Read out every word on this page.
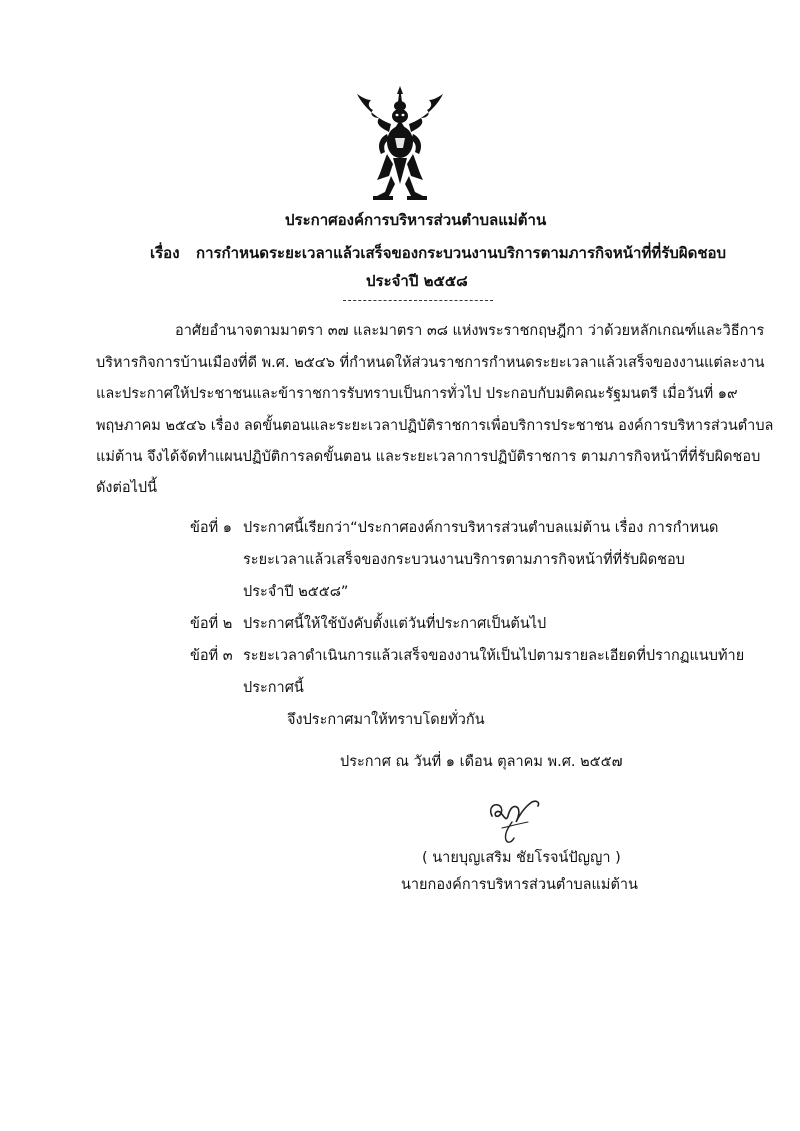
ประกาศองค์การบริหารส่วนตำบลแม่ต้าน
เรื่อง การกำหนดระยะเวลาแล้วเสร็จของกระบวนงานบริการตามภารกิจหน้าที่ที่รับผิดชอบ
ประจำปี ๒๕๕๘
อาศัยอำนาจตามมาตรา ๓๗ และมาตรา ๓๘ แห่งพระราชกฤษฎีกา ว่าด้วยหลักเกณฑ์และวิธีการ
บริหารกิจการบ้านเมืองที่ดี พ.ศ. ๒๕๔๖ ที่กำหนดให้ส่วนราชการกำหนดระยะเวลาแล้วเสร็จของงานแต่ละงาน
และประกาศให้ประชาชนและข้าราชการรับทราบเป็นการทั่วไป ประกอบกับมติคณะรัฐมนตรี เมื่อวันที่ ๑๙
พฤษภาคม ๒๕๔๖ เรื่อง ลดขั้นตอนและระยะเวลาปฏิบัติราชการเพื่อบริการประชาชน องค์การบริหารส่วนตำบล
แม่ต้าน จึงได้จัดทำแผนปฏิบัติการลดขั้นตอน และระยะเวลาการปฏิบัติราชการ ตามภารกิจหน้าที่ที่รับผิดชอบ
ดังต่อไปนี้
ข้อที่ ๑ ประกาศนี้เรียกว่า“ประกาศองค์การบริหารส่วนตำบลแม่ต้าน เรื่อง การกำหนด
ระยะเวลาแล้วเสร็จของกระบวนงานบริการตามภารกิจหน้าที่ที่รับผิดชอบ
ประจำปี ๒๕๕๘”
ข้อที่ ๒ ประกาศนี้ให้ใช้บังคับตั้งแต่วันที่ประกาศเป็นต้นไป
ข้อที่ ๓ ระยะเวลาดำเนินการแล้วเสร็จของงานให้เป็นไปตามรายละเอียดที่ปรากฏแนบท้าย
ประกาศนี้
จึงประกาศมาให้ทราบโดยทั่วกัน
ประกาศ ณ วันที่ ๑ เดือน ตุลาคม พ.ศ. ๒๕๕๗
( นายบุญเสริม ชัยโรจน์ปัญญา )
นายกองค์การบริหารส่วนตำบลแม่ต้าน
